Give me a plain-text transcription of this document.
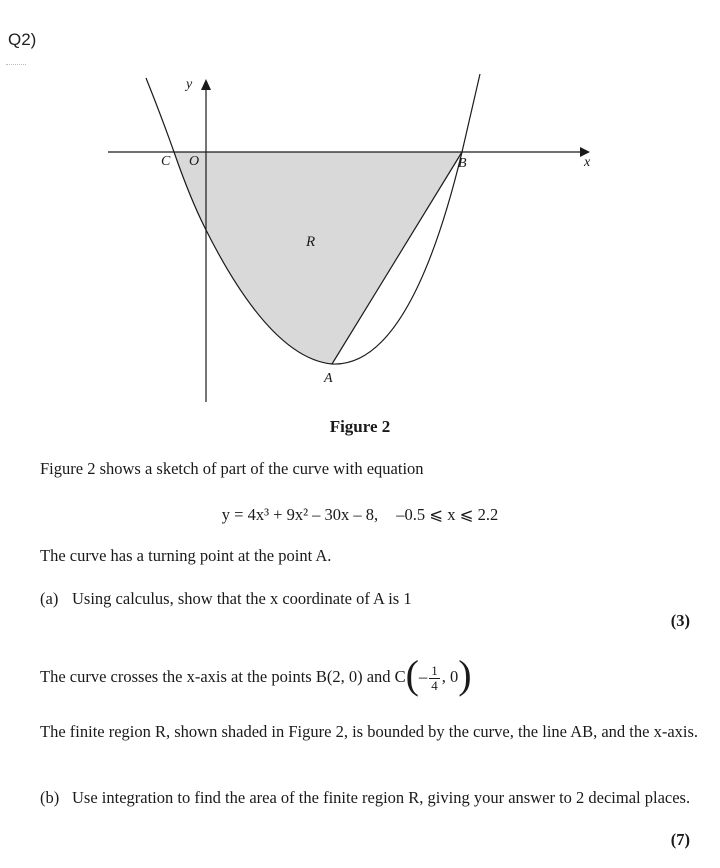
Q2)
y
x
C O	B
A
R
Figure 2
Figure 2 shows a sketch of part of the curve with equation
y = 4x³ + 9x² – 30x – 8, –0.5 ⩽ x ⩽ 2.2
The curve has a turning point at the point A.
(a) Using calculus, show that the x coordinate of A is 1
(3)
The curve crosses the x-axis at the points B(2, 0) and $C(- \frac{1}{4}$ , 0)
The finite region R, shown shaded in Figure 2, is bounded by the curve, the line AB, and the x-axis.
(b) Use integration to find the area of the finite region R, giving your answer to 2 decimal places.
(7)
